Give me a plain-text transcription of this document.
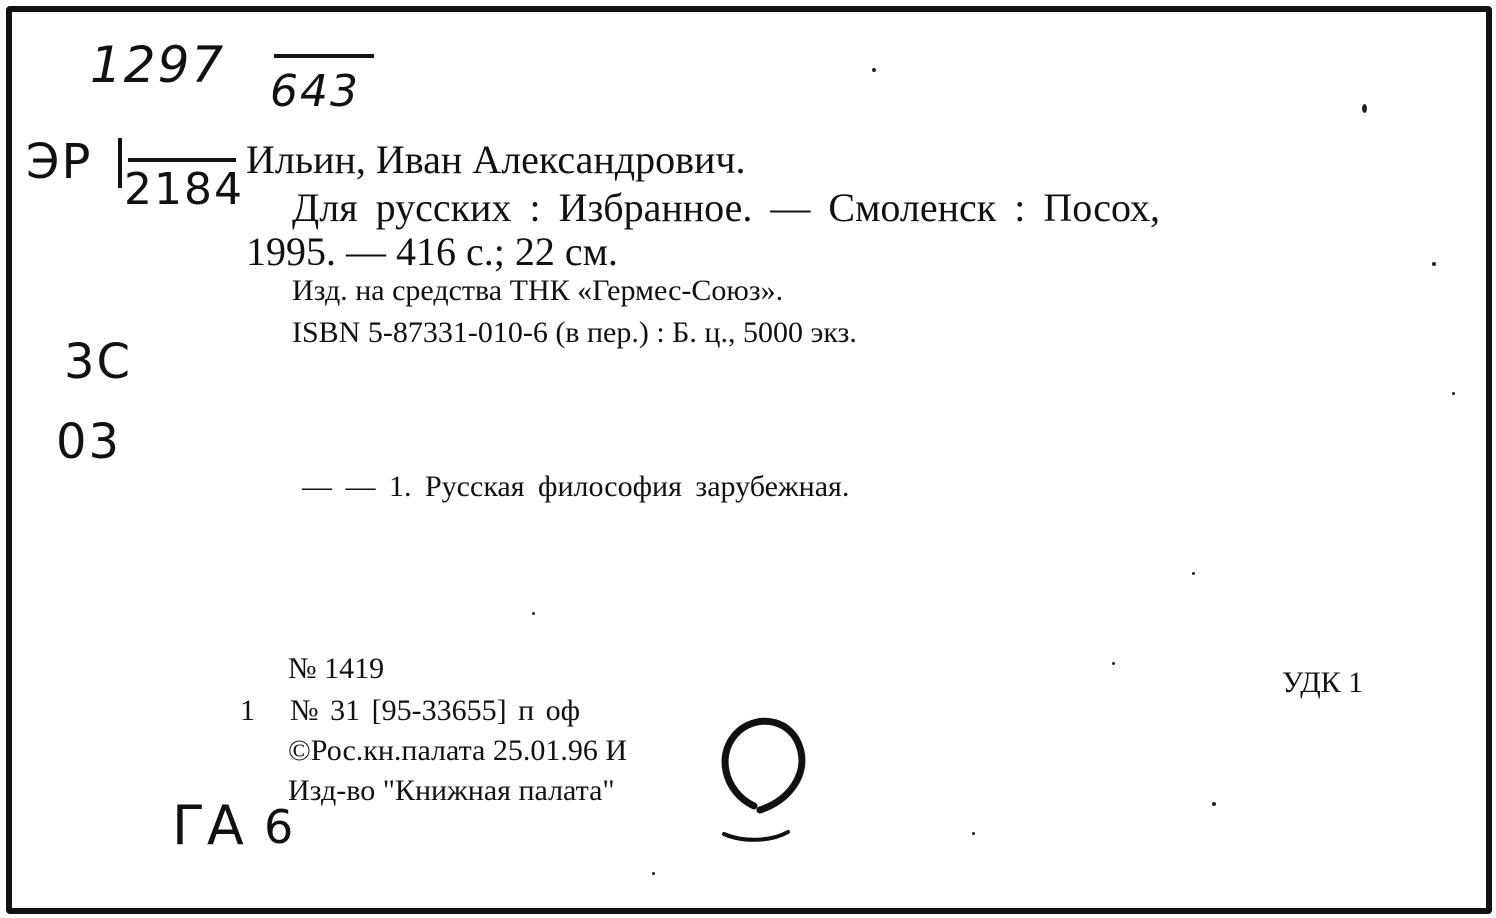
1297 643
ЭР 2184
Ильин, Иван Александрович.
Для русских : Избранное. — Смоленск : Посох,
1995. — 416 с.; 22 см.
Изд. на средства ТНК «Гермес-Союз».
ISBN 5-87331-010-6 (в пер.) : Б. ц., 5000 экз.
3C
03
— — 1. Русская философия зарубежная.
№ 1419
1 № 31 [95-33655] п оф
©Рос.кн.палата 25.01.96 И
Изд-во "Книжная палата"
УДК 1
ГА 6
